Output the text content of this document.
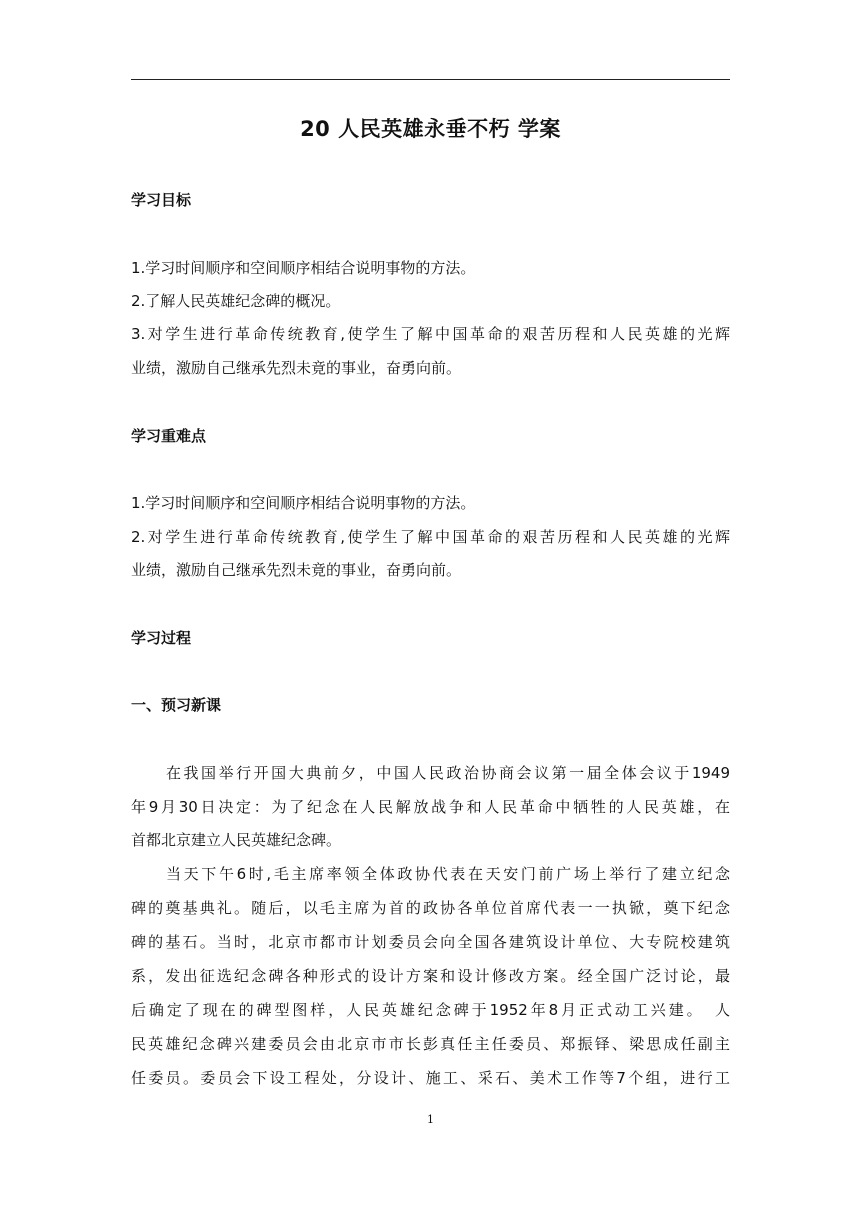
20 人民英雄永垂不朽 学案
学习目标
1.学习时间顺序和空间顺序相结合说明事物的方法。
2.了解人民英雄纪念碑的概况。
3.对学生进行革命传统教育,使学生了解中国革命的艰苦历程和人民英雄的光辉
业绩，激励自己继承先烈未竟的事业，奋勇向前。
学习重难点
1.学习时间顺序和空间顺序相结合说明事物的方法。
2.对学生进行革命传统教育,使学生了解中国革命的艰苦历程和人民英雄的光辉
业绩，激励自己继承先烈未竟的事业，奋勇向前。
学习过程
一、预习新课
在我国举行开国大典前夕，中国人民政治协商会议第一届全体会议于1949
年9月30日决定：为了纪念在人民解放战争和人民革命中牺牲的人民英雄，在
首都北京建立人民英雄纪念碑。
当天下午6时,毛主席率领全体政协代表在天安门前广场上举行了建立纪念
碑的奠基典礼。随后，以毛主席为首的政协各单位首席代表一一执锨，奠下纪念
碑的基石。当时，北京市都市计划委员会向全国各建筑设计单位、大专院校建筑
系，发出征选纪念碑各种形式的设计方案和设计修改方案。经全国广泛讨论，最
后确定了现在的碑型图样，人民英雄纪念碑于1952年8月正式动工兴建。　人
民英雄纪念碑兴建委员会由北京市市长彭真任主任委员、郑振铎、梁思成任副主
任委员。委员会下设工程处，分设计、施工、采石、美术工作等7个组，进行工
1
